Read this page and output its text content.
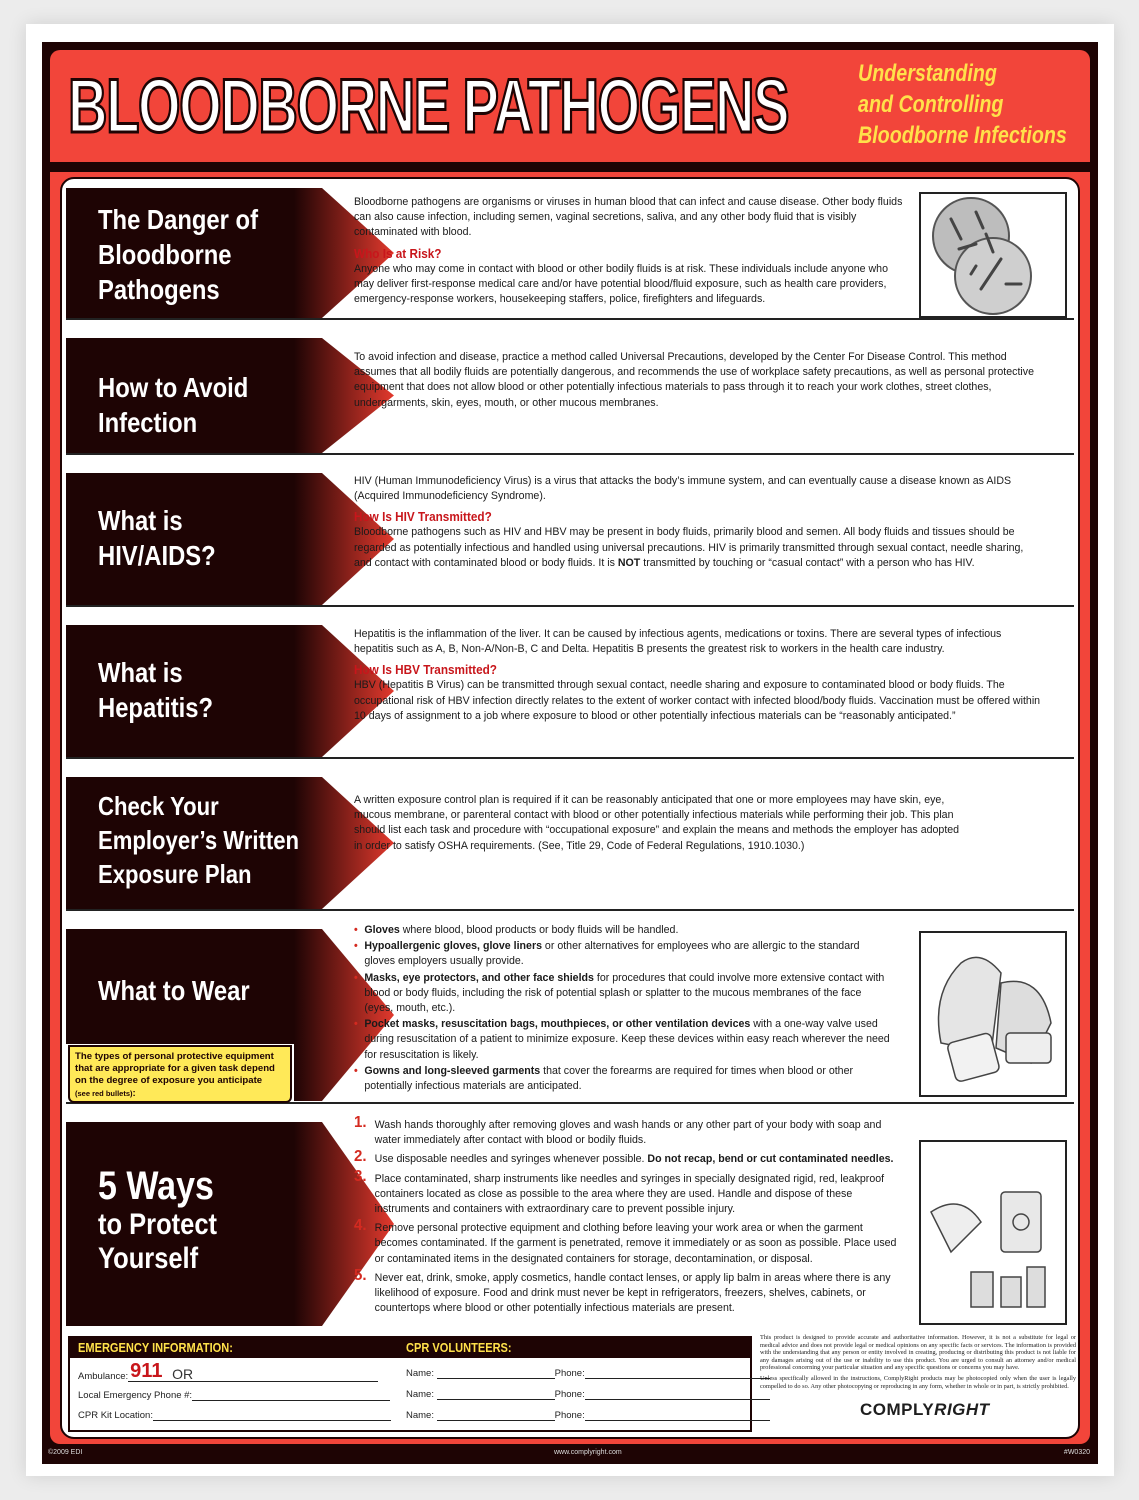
BLOODBORNE PATHOGENS	Understanding
and Controlling
Bloodborne Infections
The Danger of
Bloodborne
Pathogens

Bloodborne pathogens are organisms or viruses in human blood that can infect and cause disease. Other body fluids can also cause infection, including semen, vaginal secretions, saliva, and any other body fluid that is visibly contaminated with blood.

Who Is at Risk?

Anyone who may come in contact with blood or other bodily fluids is at risk. These individuals include anyone who may deliver first-response medical care and/or have potential blood/fluid exposure, such as health care providers, emergency-response workers, housekeeping staffers, police, firefighters and lifeguards.

How to Avoid
Infection

To avoid infection and disease, practice a method called Universal Precautions, developed by the Center For Disease Control. This method assumes that all bodily fluids are potentially dangerous, and recommends the use of workplace safety precautions, as well as personal protective equipment that does not allow blood or other potentially infectious materials to pass through it to reach your work clothes, street clothes, undergarments, skin, eyes, mouth, or other mucous membranes.

What is
HIV/AIDS?

HIV (Human Immunodeficiency Virus) is a virus that attacks the body’s immune system, and can eventually cause a disease known as AIDS (Acquired Immunodeficiency Syndrome).

How Is HIV Transmitted?

Bloodborne pathogens such as HIV and HBV may be present in body fluids, primarily blood and semen. All body fluids and tissues should be regarded as potentially infectious and handled using universal precautions. HIV is primarily transmitted through sexual contact, needle sharing, and contact with contaminated blood or body fluids. It is NOT transmitted by touching or “casual contact” with a person who has HIV.

What is
Hepatitis?

Hepatitis is the inflammation of the liver. It can be caused by infectious agents, medications or toxins. There are several types of infectious hepatitis such as A, B, Non-A/Non-B, C and Delta. Hepatitis B presents the greatest risk to workers in the health care industry.

How Is HBV Transmitted?

HBV (Hepatitis B Virus) can be transmitted through sexual contact, needle sharing and exposure to contaminated blood or body fluids. The occupational risk of HBV infection directly relates to the extent of worker contact with infected blood/body fluids. Vaccination must be offered within 10 days of assignment to a job where exposure to blood or other potentially infectious materials can be “reasonably anticipated.”

Check Your
Employer’s Written
Exposure Plan

A written exposure control plan is required if it can be reasonably anticipated that one or more employees may have skin, eye, mucous membrane, or parenteral contact with blood or other potentially infectious materials while performing their job. This plan should list each task and procedure with “occupational exposure” and explain the means and methods the employer has adopted in order to satisfy OSHA requirements. (See, Title 29, Code of Federal Regulations, 1910.1030.)

What to Wear
• Gloves where blood, blood products or body fluids will be handled.
• Hypoallergenic gloves, glove liners or other alternatives for employees who are allergic to the standard gloves employers usually provide.
• Masks, eye protectors, and other face shields for procedures that could involve more extensive contact with blood or body fluids, including the risk of potential splash or splatter to the mucous membranes of the face (eyes, mouth, etc.).
• Pocket masks, resuscitation bags, mouthpieces, or other ventilation devices with a one-way valve used during resuscitation of a patient to minimize exposure. Keep these devices within easy reach wherever the need for resuscitation is likely.
• Gowns and long-sleeved garments that cover the forearms are required for times when blood or other potentially infectious materials are anticipated.
The types of personal protective equipment that are appropriate for a given task depend on the degree of exposure you anticipate
(see red bullets):
5 Ways
to Protect
Yourself
1. Wash hands thoroughly after removing gloves and wash hands or any other part of your body with soap and water immediately after contact with blood or bodily fluids.
2. Use disposable needles and syringes whenever possible. Do not recap, bend or cut contaminated needles.
3. Place contaminated, sharp instruments like needles and syringes in specially designated rigid, red, leakproof containers located as close as possible to the area where they are used. Handle and dispose of these instruments and containers with extraordinary care to prevent possible injury.
4. Remove personal protective equipment and clothing before leaving your work area or when the garment becomes contaminated. If the garment is penetrated, remove it immediately or as soon as possible. Place used or contaminated items in the designated containers for storage, decontamination, or disposal.
5. Never eat, drink, smoke, apply cosmetics, handle contact lenses, or apply lip balm in areas where there is any likelihood of exposure. Food and drink must never be kept in refrigerators, freezers, shelves, cabinets, or countertops where blood or other potentially infectious materials are present.
EMERGENCY INFORMATION:	CPR VOLUNTEERS:
Ambulance: 911 OR
Local Emergency Phone #:
CPR Kit Location:
Name:	Phone:
Name:	Phone:
Name:	Phone:

This product is designed to provide accurate and authoritative information. However, it is not a substitute for legal or medical advice and does not provide legal or medical opinions on any specific facts or services. The information is provided with the understanding that any person or entity involved in creating, producing or distributing this product is not liable for any damages arising out of the use or inability to use this product. You are urged to consult an attorney and/or medical professional concerning your particular situation and any specific questions or concerns you may have.

Unless specifically allowed in the instructions, ComplyRight products may be photocopied only when the user is legally compelled to do so. Any other photocopying or reproducing in any form, whether in whole or in part, is strictly prohibited.

COMPLYRIGHT
©2009 EDI	www.complyright.com	#W0320
